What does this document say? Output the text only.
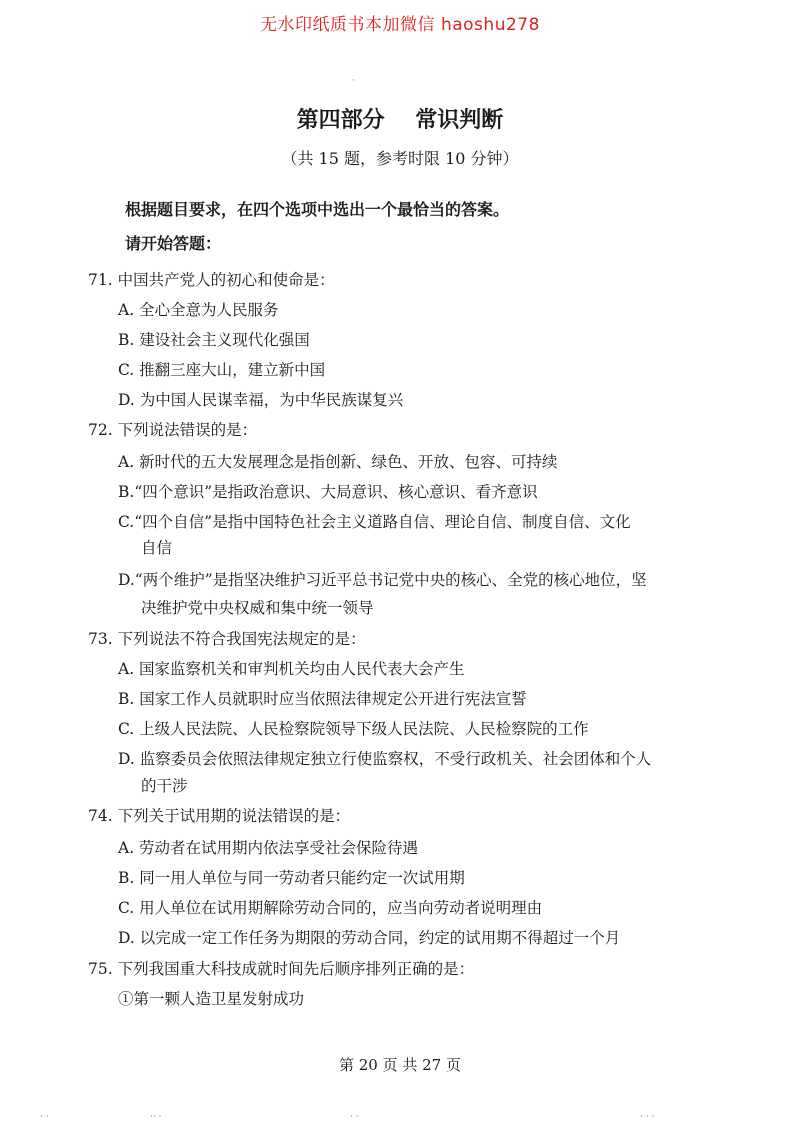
无水印纸质书本加微信 haoshu278
第四部分    常识判断
（共 15 题，参考时限 10 分钟）
根据题目要求，在四个选项中选出一个最恰当的答案。
请开始答题：
71. 中国共产党人的初心和使命是：
A. 全心全意为人民服务
B. 建设社会主义现代化强国
C. 推翻三座大山，建立新中国
D. 为中国人民谋幸福，为中华民族谋复兴
72. 下列说法错误的是：
A. 新时代的五大发展理念是指创新、绿色、开放、包容、可持续
B.“四个意识”是指政治意识、大局意识、核心意识、看齐意识
C.“四个自信”是指中国特色社会主义道路自信、理论自信、制度自信、文化
自信
D.“两个维护”是指坚决维护习近平总书记党中央的核心、全党的核心地位，坚
决维护党中央权威和集中统一领导
73. 下列说法不符合我国宪法规定的是：
A. 国家监察机关和审判机关均由人民代表大会产生
B. 国家工作人员就职时应当依照法律规定公开进行宪法宣誓
C. 上级人民法院、人民检察院领导下级人民法院、人民检察院的工作
D. 监察委员会依照法律规定独立行使监察权，不受行政机关、社会团体和个人
的干涉
74. 下列关于试用期的说法错误的是：
A. 劳动者在试用期内依法享受社会保险待遇
B. 同一用人单位与同一劳动者只能约定一次试用期
C. 用人单位在试用期解除劳动合同的，应当向劳动者说明理由
D. 以完成一定工作任务为期限的劳动合同，约定的试用期不得超过一个月
75. 下列我国重大科技成就时间先后顺序排列正确的是：
①第一颗人造卫星发射成功
第 20 页 共 27 页
·
· ·	·· ·	· ·	· · ·
